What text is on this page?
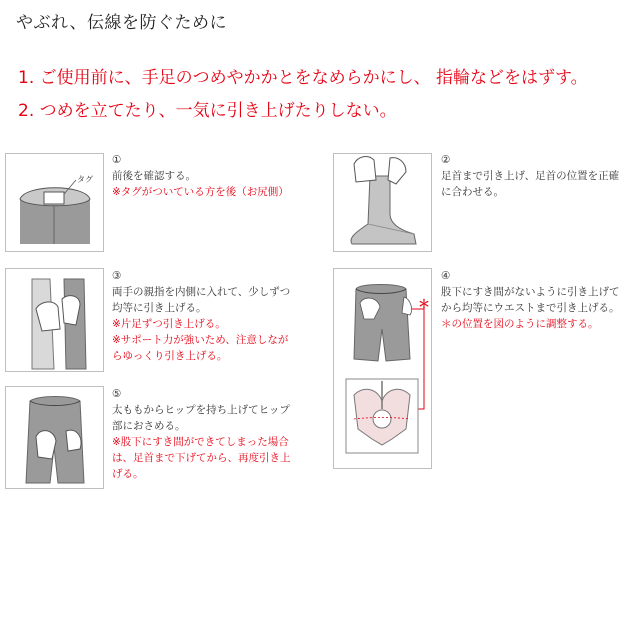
やぶれ、伝線を防ぐために
1. ご使用前に、手足のつめやかかとをなめらかにし、 指輪などをはずす。
2. つめを立てたり、一気に引き上げたりしない。
タグ
①
前後を確認する。
※タグがついている方を後（お尻側）
②
足首まで引き上げ、足首の位置を正確
に合わせる。
③
両手の親指を内側に入れて、少しずつ
均等に引き上げる。
※片足ずつ引き上げる。
※サポート力が強いため、注意しなが
らゆっくり引き上げる。
＊
④
股下にすき間がないように引き上げて
から均等にウエストまで引き上げる。
＊の位置を図のように調整する。
⑤
太ももからヒップを持ち上げてヒップ
部におさめる。
※股下にすき間ができてしまった場合
は、足首まで下げてから、再度引き上
げる。
